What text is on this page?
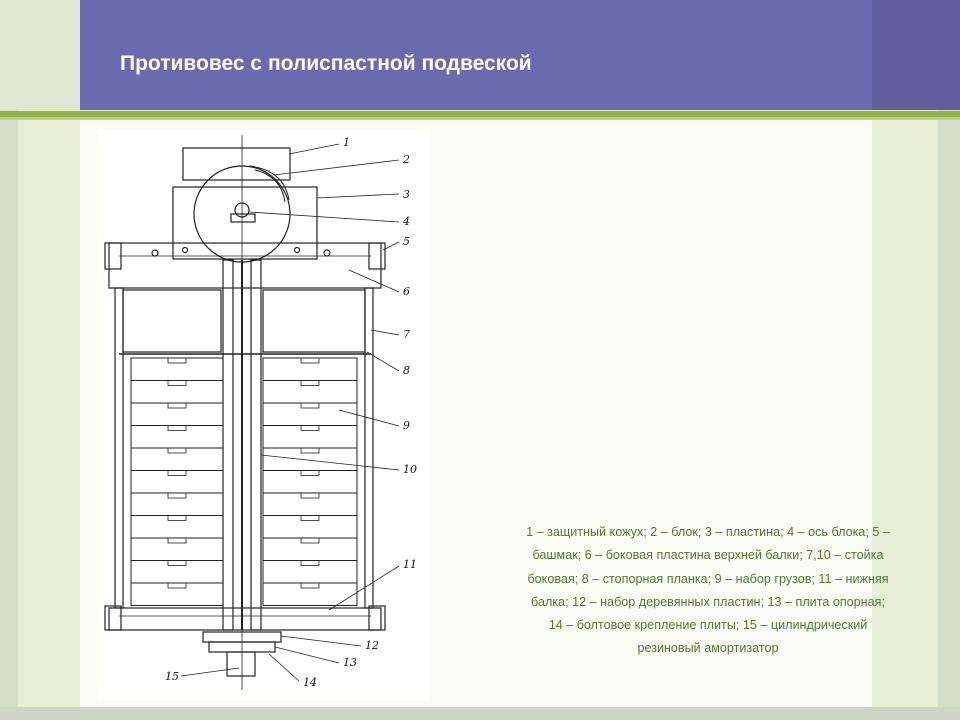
Противовес с полиспастной подвеской
1
2
3
4
5
6
7
8
9
10
11
12
13
14
15
1 – защитный кожух; 2 – блок; 3 – пластина; 4 – ось блока; 5 – башмак; 6 – боковая пластина верхней балки; 7,10 – стойка боковая; 8 – стопорная планка; 9 – набор грузов; 11 – нижняя балка; 12 – набор деревянных пластин; 13 – плита опорная; 14 – болтовое крепление плиты; 15 – цилиндрический резиновый амортизатор
